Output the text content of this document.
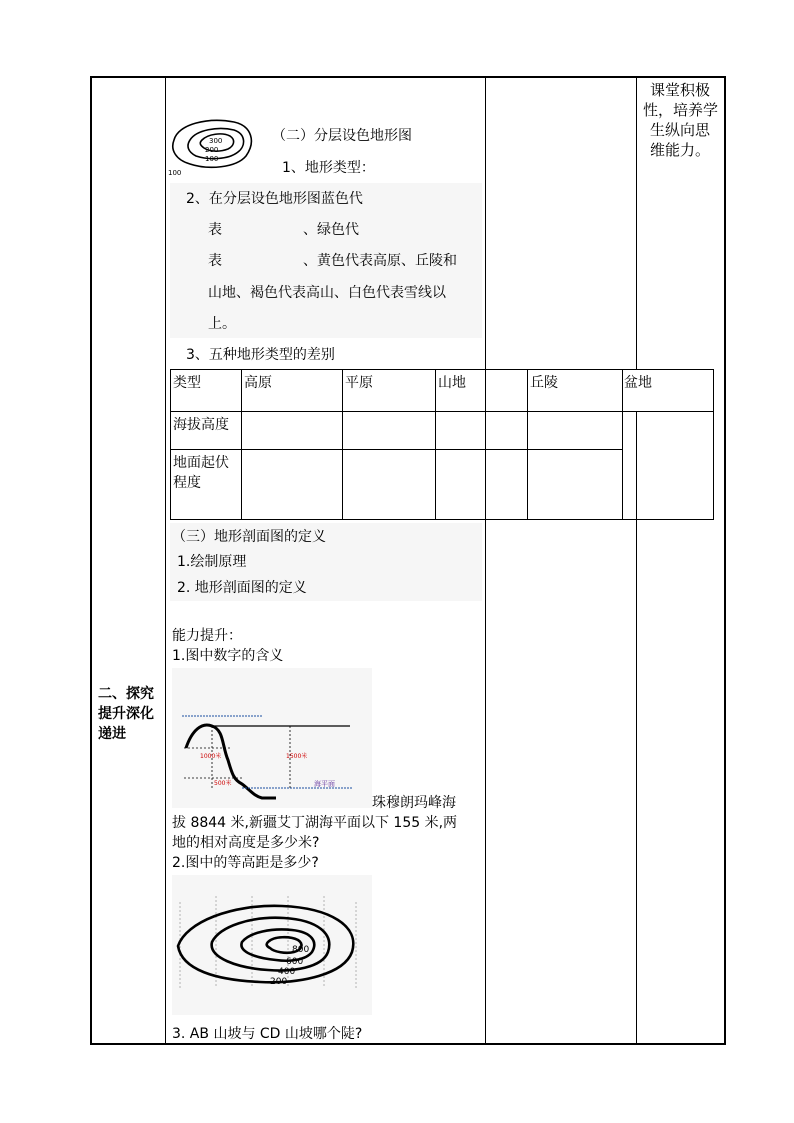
二、探究
提升深化
递进
课堂积极
性，培养学
生纵向思
维能力。
300
200
100
100
（二）分层设色地形图
1、地形类型：
2、在分层设色地形图蓝色代
表	、绿色代
表	、黄色代表高原、丘陵和
山地、褐色代表高山、白色代表雪线以
上。
3、五种地形类型的差别
类型	高原	平原	山地	丘陵	盆地
海拔高度
地面起伏
程度
（三）地形剖面图的定义
1.绘制原理
2. 地形剖面图的定义
能力提升：
1.图中数字的含义
1000米	1500米
500米	海平面
珠穆朗玛峰海
拔 8844 米,新疆艾丁湖海平面以下 155 米,两
地的相对高度是多少米?
2.图中的等高距是多少?
800
600
400
200
3. AB 山坡与 CD 山坡哪个陡?
